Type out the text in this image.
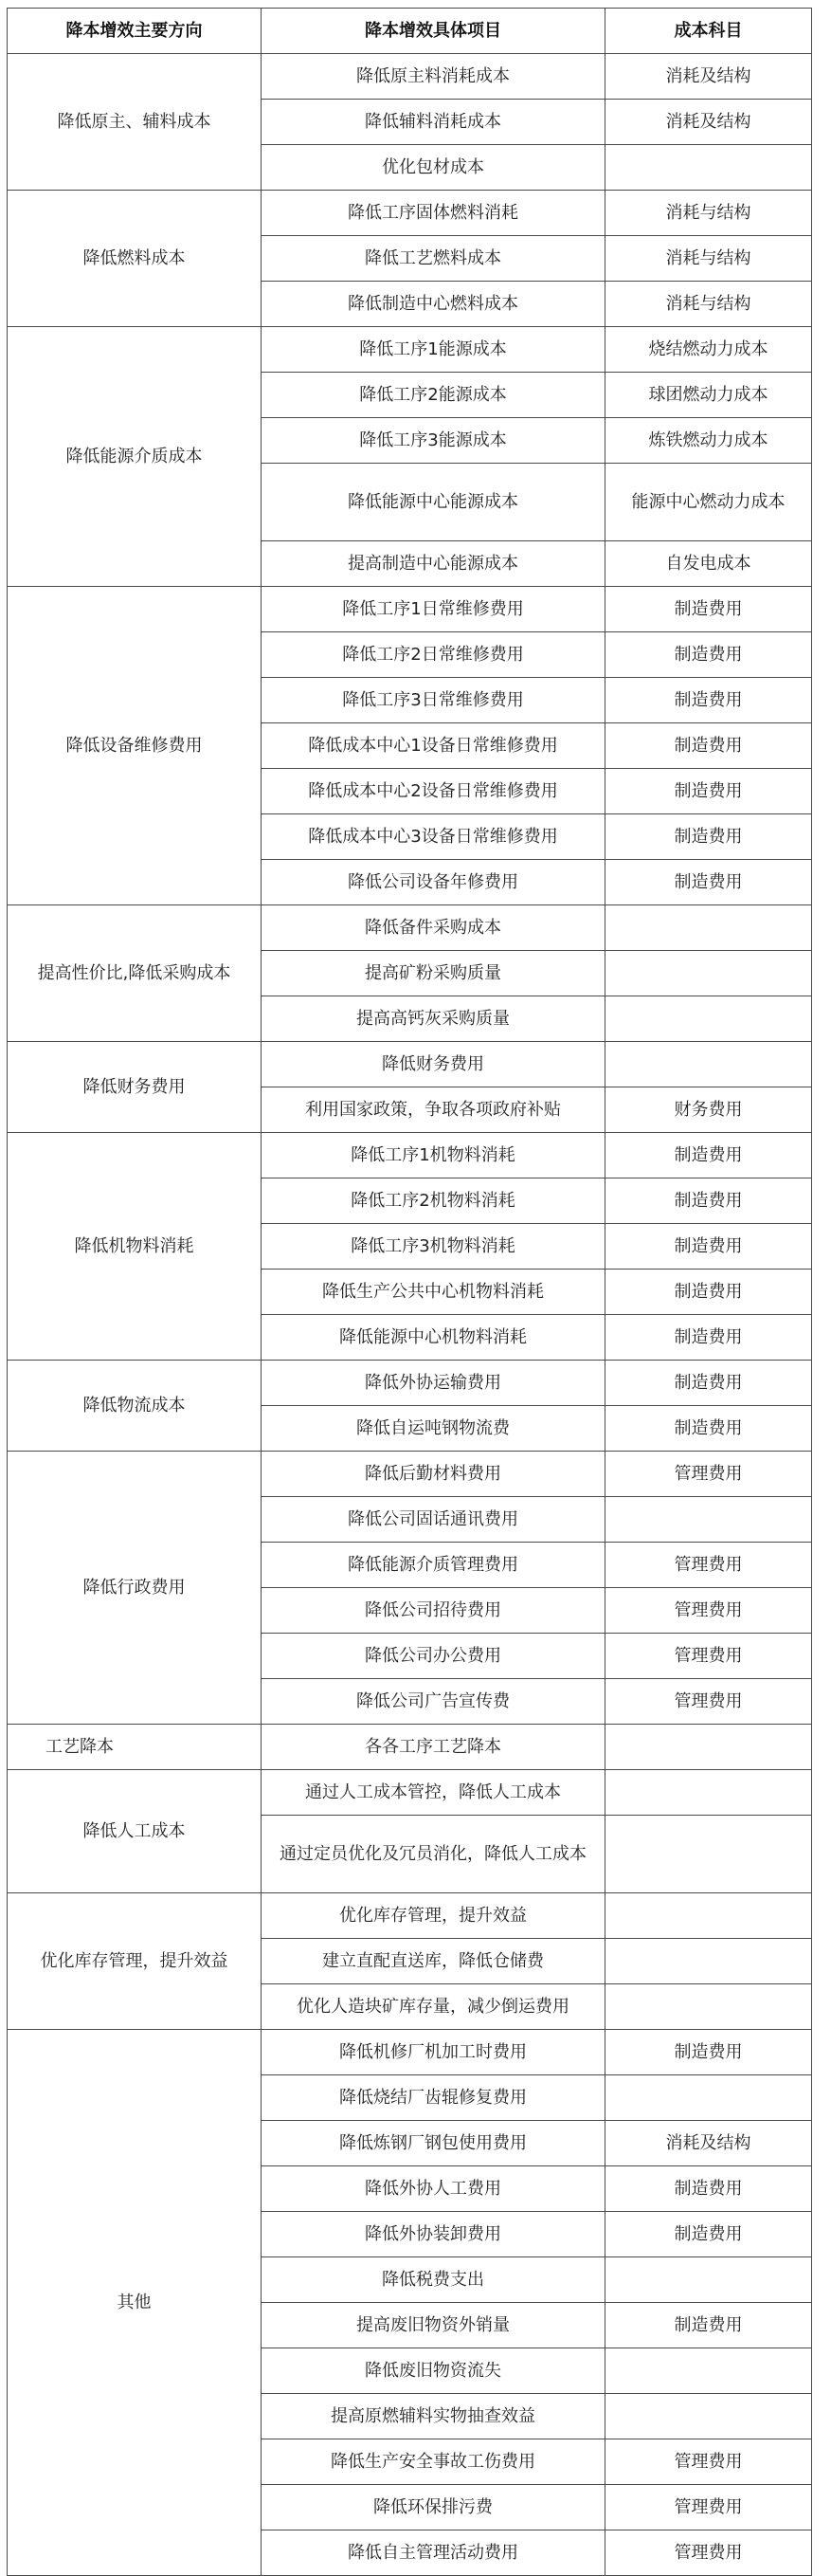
降本增效主要方向	降本增效具体项目	成本科目
降低原主、辅料成本	降低原主料消耗成本	消耗及结构
	降低辅料消耗成本	消耗及结构
	优化包材成本	
降低燃料成本	降低工序固体燃料消耗	消耗与结构
	降低工艺燃料成本	消耗与结构
	降低制造中心燃料成本	消耗与结构
降低能源介质成本	降低工序1能源成本	烧结燃动力成本
	降低工序2能源成本	球团燃动力成本
	降低工序3能源成本	炼铁燃动力成本
	降低能源中心能源成本	能源中心燃动力成本
	提高制造中心能源成本	自发电成本
降低设备维修费用	降低工序1日常维修费用	制造费用
	降低工序2日常维修费用	制造费用
	降低工序3日常维修费用	制造费用
	降低成本中心1设备日常维修费用	制造费用
	降低成本中心2设备日常维修费用	制造费用
	降低成本中心3设备日常维修费用	制造费用
	降低公司设备年修费用	制造费用
提高性价比,降低采购成本	降低备件采购成本	
	提高矿粉采购质量	
	提高高钙灰采购质量	
降低财务费用	降低财务费用	
	利用国家政策，争取各项政府补贴	财务费用
降低机物料消耗	降低工序1机物料消耗	制造费用
	降低工序2机物料消耗	制造费用
	降低工序3机物料消耗	制造费用
	降低生产公共中心机物料消耗	制造费用
	降低能源中心机物料消耗	制造费用
降低物流成本	降低外协运输费用	制造费用
	降低自运吨钢物流费	制造费用
降低行政费用	降低后勤材料费用	管理费用
	降低公司固话通讯费用	
	降低能源介质管理费用	管理费用
	降低公司招待费用	管理费用
	降低公司办公费用	管理费用
	降低公司广告宣传费	管理费用
工艺降本	各各工序工艺降本	
降低人工成本	通过人工成本管控，降低人工成本	
	通过定员优化及冗员消化，降低人工成本	
优化库存管理，提升效益	优化库存管理，提升效益	
	建立直配直送库，降低仓储费	
	优化人造块矿库存量，减少倒运费用	
其他	降低机修厂机加工时费用	制造费用
	降低烧结厂齿辊修复费用	
	降低炼钢厂钢包使用费用	消耗及结构
	降低外协人工费用	制造费用
	降低外协装卸费用	制造费用
	降低税费支出	
	提高废旧物资外销量	制造费用
	降低废旧物资流失	
	提高原燃辅料实物抽查效益	
	降低生产安全事故工伤费用	管理费用
	降低环保排污费	管理费用
	降低自主管理活动费用	管理费用
